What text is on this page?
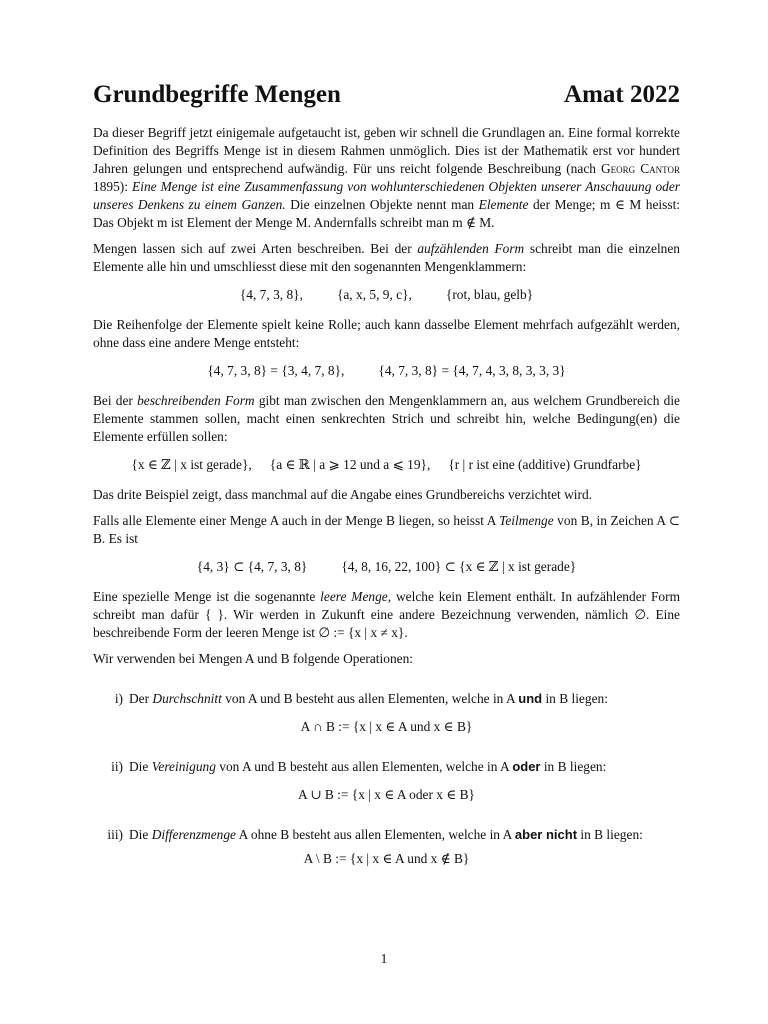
Grundbegriffe Mengen	Amat 2022

Da dieser Begriff jetzt einigemale aufgetaucht ist, geben wir schnell die Grundlagen an. Eine formal korrekte Definition des Begriffs Menge ist in diesem Rahmen unmöglich. Dies ist der Mathematik erst vor hundert Jahren gelungen und entsprechend aufwändig. Für uns reicht folgende Beschreibung (nach Georg Cantor 1895): Eine Menge ist eine Zusammenfassung von wohlunterschiedenen Objekten unserer Anschauung oder unseres Denkens zu einem Ganzen. Die einzelnen Objekte nennt man Elemente der Menge; m ∈ M heisst: Das Objekt m ist Element der Menge M. Andernfalls schreibt man m ∉ M.

Mengen lassen sich auf zwei Arten beschreiben. Bei der aufzählenden Form schreibt man die einzelnen Elemente alle hin und umschliesst diese mit den sogenannten Mengenklammern:

{4, 7, 3, 8},	{a, x, 5, 9, c},	{rot, blau, gelb}

Die Reihenfolge der Elemente spielt keine Rolle; auch kann dasselbe Element mehrfach aufgezählt werden, ohne dass eine andere Menge entsteht:

{4, 7, 3, 8} = {3, 4, 7, 8},	{4, 7, 3, 8} = {4, 7, 4, 3, 8, 3, 3, 3}

Bei der beschreibenden Form gibt man zwischen den Mengenklammern an, aus welchem Grundbereich die Elemente stammen sollen, macht einen senkrechten Strich und schreibt hin, welche Bedingung(en) die Elemente erfüllen sollen:

{x ∈ ℤ | x ist gerade}, {a ∈ ℝ | a ⩾ 12 und a ⩽ 19}, {r | r ist eine (additive) Grundfarbe}

Das drite Beispiel zeigt, dass manchmal auf die Angabe eines Grundbereichs verzichtet wird.

Falls alle Elemente einer Menge A auch in der Menge B liegen, so heisst A Teilmenge von B, in Zeichen A ⊂ B. Es ist

{4, 3} ⊂ {4, 7, 3, 8}	{4, 8, 16, 22, 100} ⊂ {x ∈ ℤ | x ist gerade}

Eine spezielle Menge ist die sogenannte leere Menge, welche kein Element enthält. In aufzählender Form schreibt man dafür { }. Wir werden in Zukunft eine andere Bezeichnung verwenden, nämlich ∅. Eine beschreibende Form der leeren Menge ist ∅ := {x | x ≠ x}.

Wir verwenden bei Mengen A und B folgende Operationen:

i) Der Durchschnitt von A und B besteht aus allen Elementen, welche in A und in B liegen:
A ∩ B := {x | x ∈ A und x ∈ B}
ii) Die Vereinigung von A und B besteht aus allen Elementen, welche in A oder in B liegen:
A ∪ B := {x | x ∈ A oder x ∈ B}
iii) Die Differenzmenge A ohne B besteht aus allen Elementen, welche in A aber nicht in B liegen:
A \ B := {x | x ∈ A und x ∉ B}
1
